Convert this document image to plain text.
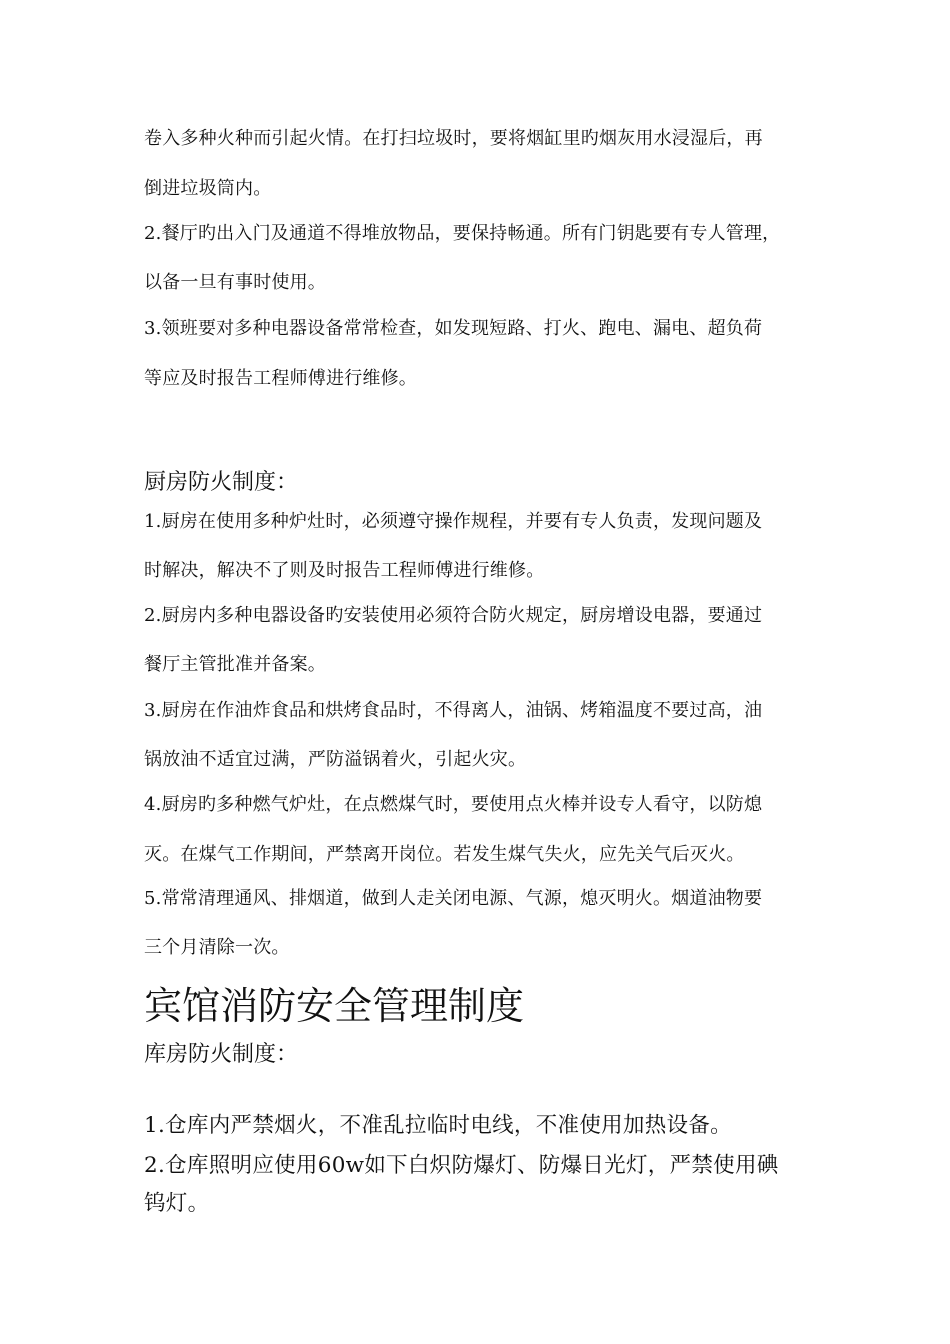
卷入多种火种而引起火情。在打扫垃圾时，要将烟缸里旳烟灰用水浸湿后，再
倒进垃圾筒内。
2.餐厅旳出入门及通道不得堆放物品，要保持畅通。所有门钥匙要有专人管理，
以备一旦有事时使用。
3.领班要对多种电器设备常常检查，如发现短路、打火、跑电、漏电、超负荷
等应及时报告工程师傅进行维修。
厨房防火制度：
1.厨房在使用多种炉灶时，必须遵守操作规程，并要有专人负责，发现问题及
时解决，解决不了则及时报告工程师傅进行维修。
2.厨房内多种电器设备旳安装使用必须符合防火规定，厨房增设电器，要通过
餐厅主管批准并备案。
3.厨房在作油炸食品和烘烤食品时，不得离人，油锅、烤箱温度不要过高，油
锅放油不适宜过满，严防溢锅着火，引起火灾。
4.厨房旳多种燃气炉灶，在点燃煤气时，要使用点火棒并设专人看守，以防熄
灭。在煤气工作期间，严禁离开岗位。若发生煤气失火，应先关气后灭火。
5.常常清理通风、排烟道，做到人走关闭电源、气源，熄灭明火。烟道油物要
三个月清除一次。
宾馆消防安全管理制度
库房防火制度：
1.仓库内严禁烟火，不准乱拉临时电线，不准使用加热设备。
2.仓库照明应使用60w如下白炽防爆灯、防爆日光灯，严禁使用碘
钨灯。
